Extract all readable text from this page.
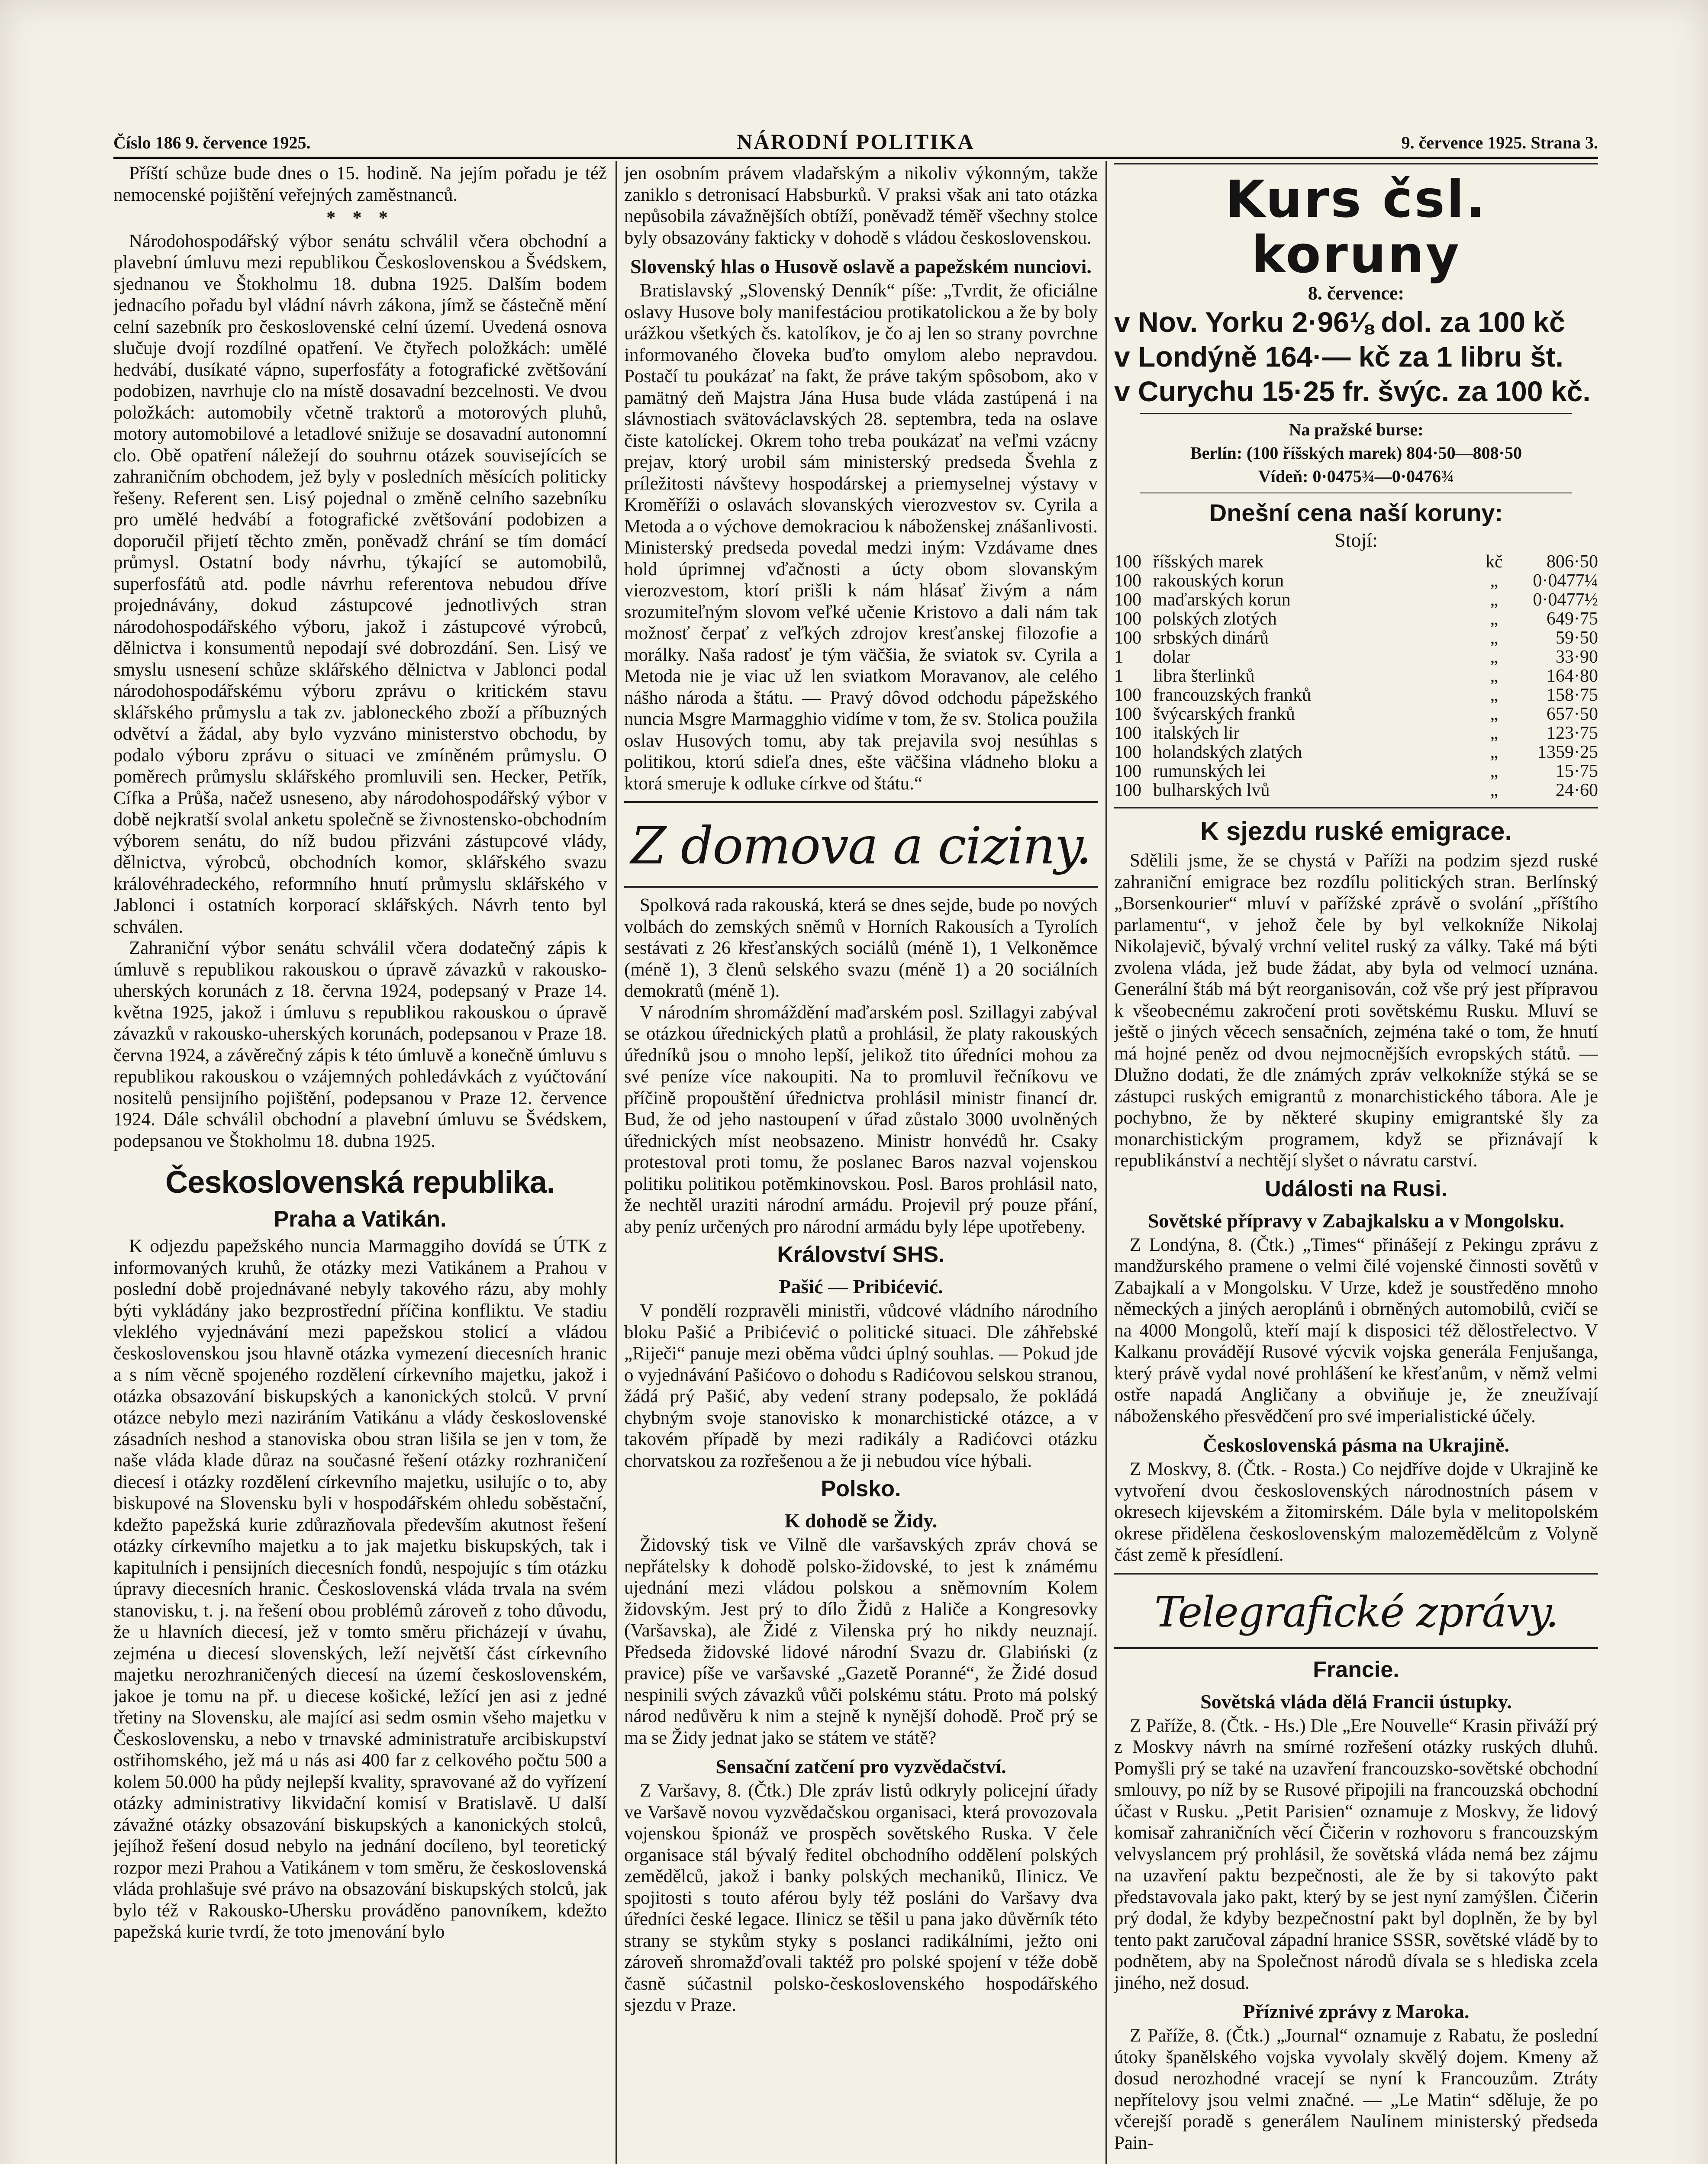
Číslo 186 9. července 1925.	NÁRODNÍ POLITIKA	9. července 1925. Strana 3.

Příští schůze bude dnes o 15. hodině. Na jejím pořadu je též nemocenské pojištění veřejných zaměstnanců.

* * *

Národohospodářský výbor senátu schválil včera obchodní a plavební úmluvu mezi republikou Československou a Švédskem, sjednanou ve Štokholmu 18. dubna 1925. Dalším bodem jednacího pořadu byl vládní návrh zákona, jímž se částečně mění celní sazebník pro československé celní území. Uvedená osnova slučuje dvojí rozdílné opatření. Ve čtyřech položkách: umělé hedvábí, dusíkaté vápno, superfosfáty a fotografické zvětšování podobizen, navrhuje clo na místě dosavadní bezcelnosti. Ve dvou položkách: automobily včetně traktorů a motorových pluhů, motory automobilové a letadlové snižuje se dosavadní autonomní clo. Obě opatření náležejí do souhrnu otázek souvisejících se zahraničním obchodem, jež byly v posledních měsících politicky řešeny. Referent sen. Lisý pojednal o změně celního sazebníku pro umělé hedvábí a fotografické zvětšování podobizen a doporučil přijetí těchto změn, poněvadž chrání se tím domácí průmysl. Ostatní body návrhu, týkající se automobilů, superfosfátů atd. podle návrhu referentova nebudou dříve projednávány, dokud zástupcové jednotlivých stran národohospodářského výboru, jakož i zástupcové výrobců, dělnictva i konsumentů nepodají své dobrozdání. Sen. Lisý ve smyslu usnesení schůze sklářského dělnictva v Jablonci podal národohospodářskému výboru zprávu o kritickém stavu sklářského průmyslu a tak zv. jabloneckého zboží a příbuzných odvětví a žádal, aby bylo vyzváno ministerstvo obchodu, by podalo výboru zprávu o situaci ve zmíněném průmyslu. O poměrech průmyslu sklářského promluvili sen. Hecker, Petřík, Cífka a Průša, načež usneseno, aby národohospodářský výbor v době nejkratší svolal anketu společně se živnostensko-obchodním výborem senátu, do níž budou přizváni zástupcové vlády, dělnictva, výrobců, obchodních komor, sklářského svazu královéhradeckého, reformního hnutí průmyslu sklářského v Jablonci i ostatních korporací sklářských. Návrh tento byl schválen.

Zahraniční výbor senátu schválil včera dodatečný zápis k úmluvě s republikou rakouskou o úpravě závazků v rakousko-uherských korunách z 18. června 1924, podepsaný v Praze 14. května 1925, jakož i úmluvu s republikou rakouskou o úpravě závazků v rakousko-uherských korunách, podepsanou v Praze 18. června 1924, a závěrečný zápis k této úmluvě a konečně úmluvu s republikou rakouskou o vzájemných pohledávkách z vyúčtování nositelů pensijního pojištění, podepsanou v Praze 12. července 1924. Dále schválil obchodní a plavební úmluvu se Švédskem, podepsanou ve Štokholmu 18. dubna 1925.

Československá republika.
Praha a Vatikán.

K odjezdu papežského nuncia Marmaggiho dovídá se ÚTK z informovaných kruhů, že otázky mezi Vatikánem a Prahou v poslední době projednávané nebyly takového rázu, aby mohly býti vykládány jako bezprostřední příčina konfliktu. Ve stadiu vleklého vyjednávání mezi papežskou stolicí a vládou československou jsou hlavně otázka vymezení diecesních hranic a s ním věcně spojeného rozdělení církevního majetku, jakož i otázka obsazování biskupských a kanonických stolců. V první otázce nebylo mezi naziráním Vatikánu a vlády československé zásadních neshod a stanoviska obou stran lišila se jen v tom, že naše vláda klade důraz na současné řešení otázky rozhraničení diecesí i otázky rozdělení církevního majetku, usilujíc o to, aby biskupové na Slovensku byli v hospodářském ohledu soběstační, kdežto papežská kurie zdůrazňovala především akutnost řešení otázky církevního majetku a to jak majetku biskupských, tak i kapitulních i pensijních diecesních fondů, nespojujíc s tím otázku úpravy diecesních hranic. Československá vláda trvala na svém stanovisku, t. j. na řešení obou problémů zároveň z toho důvodu, že u hlavních diecesí, jež v tomto směru přicházejí v úvahu, zejména u diecesí slovenských, leží největší část církevního majetku nerozhraničených diecesí na území československém, jakoe je tomu na př. u diecese košické, ležící jen asi z jedné třetiny na Slovensku, ale mající asi sedm osmin všeho majetku v Československu, a nebo v trnavské administratuře arcibiskupství ostřihomského, jež má u nás asi 400 far z celkového počtu 500 a kolem 50.000 ha půdy nejlepší kvality, spravované až do vyřízení otázky administrativy likvidační komisí v Bratislavě. U další závažné otázky obsazování biskupských a kanonických stolců, jejíhož řešení dosud nebylo na jednání docíleno, byl teoretický rozpor mezi Prahou a Vatikánem v tom směru, že československá vláda prohlašuje své právo na obsazování biskupských stolců, jak bylo též v Rakousko-Uhersku prováděno panovníkem, kdežto papežská kurie tvrdí, že toto jmenování bylo

jen osobním právem vladařským a nikoliv výkonným, takže zaniklo s detronisací Habsburků. V praksi však ani tato otázka nepůsobila závažnějších obtíží, poněvadž téměř všechny stolce byly obsazovány fakticky v dohodě s vládou československou.

Slovenský hlas o Husově oslavě a papežském nunciovi.

Bratislavský „Slovenský Denník“ píše: „Tvrdit, že oficiálne oslavy Husove boly manifestáciou protikatolickou a že by boly urážkou všetkých čs. katolíkov, je čo aj len so strany povrchne informovaného človeka buďto omylom alebo nepravdou. Postačí tu poukázať na fakt, že práve takým spôsobom, ako v pamätný deň Majstra Jána Husa bude vláda zastúpená i na slávnostiach svätováclavských 28. septembra, teda na oslave čiste katolíckej. Okrem toho treba poukázať na veľmi vzácny prejav, ktorý urobil sám ministerský predseda Švehla z príležitosti návštevy hospodárskej a priemyselnej výstavy v Kroměříži o oslavách slovanských vierozvestov sv. Cyrila a Metoda a o výchove demokraciou k náboženskej znášanlivosti. Ministerský predseda povedal medzi iným: Vzdávame dnes hold úprimnej vďačnosti a úcty obom slovanským vierozvestom, ktorí prišli k nám hlásať živým a nám srozumiteľným slovom veľké učenie Kristovo a dali nám tak možnosť čerpať z veľkých zdrojov kresťanskej filozofie a morálky. Naša radosť je tým väčšia, že sviatok sv. Cyrila a Metoda nie je viac už len sviatkom Moravanov, ale celého nášho národa a štátu. — Pravý dôvod odchodu pápežského nuncia Msgre Marmagghio vidíme v tom, že sv. Stolica použila oslav Husových tomu, aby tak prejavila svoj nesúhlas s politikou, ktorú sdieľa dnes, ešte väčšina vládneho bloku a ktorá smeruje k odluke církve od štátu.“

Z domova a ciziny.

Spolková rada rakouská, která se dnes sejde, bude po nových volbách do zemských sněmů v Horních Rakousích a Tyrolích sestávati z 26 křesťanských sociálů (méně 1), 1 Velkoněmce (méně 1), 3 členů selského svazu (méně 1) a 20 sociálních demokratů (méně 1).

V národním shromáždění maďarském posl. Szillagyi zabýval se otázkou úřednických platů a prohlásil, že platy rakouských úředníků jsou o mnoho lepší, jelikož tito úředníci mohou za své peníze více nakoupiti. Na to promluvil řečníkovu ve příčině propouštění úřednictva prohlásil ministr financí dr. Bud, že od jeho nastoupení v úřad zůstalo 3000 uvolněných úřednických míst neobsazeno. Ministr honvédů hr. Csaky protestoval proti tomu, že poslanec Baros nazval vojenskou politiku politikou potěmkinovskou. Posl. Baros prohlásil nato, že nechtěl uraziti národní armádu. Projevil prý pouze přání, aby peníz určených pro národní armádu byly lépe upotřebeny.

Království SHS.
Pašić — Pribićević.

V pondělí rozpravěli ministři, vůdcové vládního národního bloku Pašić a Pribićević o politické situaci. Dle záhřebské „Riječi“ panuje mezi oběma vůdci úplný souhlas. — Pokud jde o vyjednávání Pašićovo o dohodu s Radićovou selskou stranou, žádá prý Pašić, aby vedení strany podepsalo, že pokládá chybným svoje stanovisko k monarchistické otázce, a v takovém případě by mezi radikály a Radićovci otázku chorvatskou za rozřešenou a že ji nebudou více hýbali.

Polsko.
K dohodě se Židy.

Židovský tisk ve Vilně dle varšavských zpráv chová se nepřátelsky k dohodě polsko-židovské, to jest k známému ujednání mezi vládou polskou a sněmovním Kolem židovským. Jest prý to dílo Židů z Haliče a Kongresovky (Varšavska), ale Židé z Vilenska prý ho nikdy neuznají. Předseda židovské lidové národní Svazu dr. Glabiński (z pravice) píše ve varšavské „Gazetě Poranné“, že Židé dosud nespinili svých závazků vůči polskému státu. Proto má polský národ nedůvěru k nim a stejně k nynější dohodě. Proč prý se ma se Židy jednat jako se státem ve státě?

Sensační zatčení pro vyzvědačství.

Z Varšavy, 8. (Čtk.) Dle zpráv listů odkryly policejní úřady ve Varšavě novou vyzvědačskou organisaci, která provozovala vojenskou špionáž ve prospěch sovětského Ruska. V čele organisace stál bývalý ředitel obchodního oddělení polských zemědělců, jakož i banky polských mechaniků, Ilinicz. Ve spojitosti s touto aférou byly též posláni do Varšavy dva úředníci české legace. Ilinicz se těšil u pana jako důvěrník této strany se stykům styky s poslanci radikálními, ježto oni zároveň shromažďovali taktéž pro polské spojení v téže době časně súčastnil polsko-československého hospodářského sjezdu v Praze.

Kurs čsl. koruny
8. července:
v Nov. Yorku 2·96⅛ dol. za 100 kč
v Londýně 164·— kč za 1 libru št.
v Curychu 15·25 fr. švýc. za 100 kč.
Na pražské burse:
Berlín: (100 říšských marek) 804·50—808·50
Vídeň: 0·0475¾—0·0476¾
Dnešní cena naší koruny:
Stojí:
100	říšských marek	kč	806·50
100	rakouských korun	„	0·0477¼
100	maďarských korun	„	0·0477½
100	polských zlotých	„	649·75
100	srbských dinárů	„	59·50
1	dolar	„	33·90
1	libra šterlinků	„	164·80
100	francouzských franků	„	158·75
100	švýcarských franků	„	657·50
100	italských lir	„	123·75
100	holandských zlatých	„	1359·25
100	rumunských lei	„	15·75
100	bulharských lvů	„	24·60
K sjezdu ruské emigrace.

Sdělili jsme, že se chystá v Paříži na podzim sjezd ruské zahraniční emigrace bez rozdílu politických stran. Berlínský „Borsenkourier“ mluví v pařížské zprávě o svolání „příštího parlamentu“, v jehož čele by byl velkokníže Nikolaj Nikolajevič, bývalý vrchní velitel ruský za války. Také má býti zvolena vláda, jež bude žádat, aby byla od velmocí uznána. Generální štáb má být reorganisován, což vše prý jest přípravou k všeobecnému zakročení proti sovětskému Rusku. Mluví se ještě o jiných věcech sensačních, zejména také o tom, že hnutí má hojné peněz od dvou nejmocnějších evropských států. — Dlužno dodati, že dle známých zpráv velkokníže stýká se se zástupci ruských emigrantů z monarchistického tábora. Ale je pochybno, že by některé skupiny emigrantské šly za monarchistickým programem, když se přiznávají k republikánství a nechtějí slyšet o návratu carství.

Události na Rusi.
Sovětské přípravy v Zabajkalsku a v Mongolsku.

Z Londýna, 8. (Čtk.) „Times“ přinášejí z Pekingu zprávu z mandžurského pramene o velmi čilé vojenské činnosti sovětů v Zabajkalí a v Mongolsku. V Urze, kdež je soustředěno mnoho německých a jiných aeroplánů i obrněných automobilů, cvičí se na 4000 Mongolů, kteří mají k disposici též dělostřelectvo. V Kalkanu provádějí Rusové výcvik vojska generála Fenjušanga, který právě vydal nové prohlášení ke křesťanům, v němž velmi ostře napadá Angličany a obviňuje je, že zneužívají náboženského přesvědčení pro své imperialistické účely.

Československá pásma na Ukrajině.

Z Moskvy, 8. (Čtk. - Rosta.) Co nejdříve dojde v Ukrajině ke vytvoření dvou československých národnostních pásem v okresech kijevském a žitomirském. Dále byla v melitopolském okrese přidělena československým malozemědělcům z Volyně část země k přesídlení.

Telegrafické zprávy.
Francie.
Sovětská vláda dělá Francii ústupky.

Z Paříže, 8. (Čtk. - Hs.) Dle „Ere Nouvelle“ Krasin přiváží prý z Moskvy návrh na smírné rozřešení otázky ruských dluhů. Pomyšli prý se také na uzavření francouzsko-sovětské obchodní smlouvy, po níž by se Rusové připojili na francouzská obchodní účast v Rusku. „Petit Parisien“ oznamuje z Moskvy, že lidový komisař zahraničních věcí Čičerin v rozhovoru s francouzským velvyslancem prý prohlásil, že sovětská vláda nemá bez zájmu na uzavření paktu bezpečnosti, ale že by si takovýto pakt představovala jako pakt, který by se jest nyní zamýšlen. Čičerin prý dodal, že kdyby bezpečnostní pakt byl doplněn, že by byl tento pakt zaručoval západní hranice SSSR, sovětské vládě by to podnětem, aby na Společnost národů dívala se s hlediska zcela jiného, než dosud.

Příznivé zprávy z Maroka.

Z Paříže, 8. (Čtk.) „Journal“ oznamuje z Rabatu, že poslední útoky španělského vojska vyvolaly skvělý dojem. Kmeny až dosud nerozhodné vracejí se nyní k Francouzům. Ztráty nepřítelovy jsou velmi značné. — „Le Matin“ sděluje, že po včerejší poradě s generálem Naulinem ministerský předseda Pain-
